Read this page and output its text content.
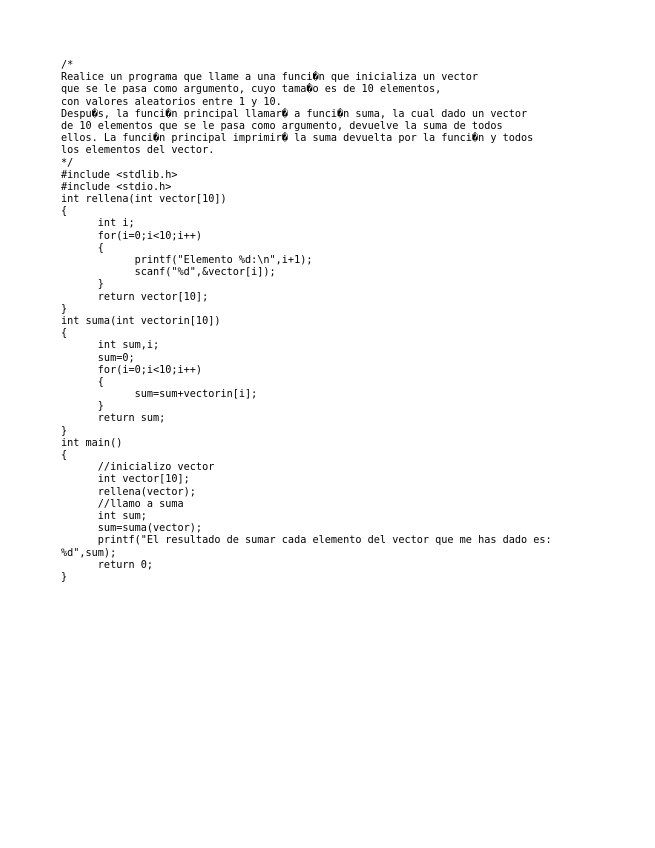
/*
Realice un programa que llame a una funci�n que inicializa un vector
que se le pasa como argumento, cuyo tama�o es de 10 elementos,
con valores aleatorios entre 1 y 10.
Despu�s, la funci�n principal llamar� a funci�n suma, la cual dado un vector
de 10 elementos que se le pasa como argumento, devuelve la suma de todos
ellos. La funci�n principal imprimir� la suma devuelta por la funci�n y todos
los elementos del vector.
*/
#include <stdlib.h>
#include <stdio.h>
int rellena(int vector[10])
{
int i;
for(i=0;i<10;i++)
{
printf("Elemento %d:\n",i+1);
scanf("%d",&vector[i]);
}
return vector[10];
}
int suma(int vectorin[10])
{
int sum,i;
sum=0;
for(i=0;i<10;i++)
{
sum=sum+vectorin[i];
}
return sum;
}
int main()
{
//inicializo vector
int vector[10];
rellena(vector);
//llamo a suma
int sum;
sum=suma(vector);
printf("El resultado de sumar cada elemento del vector que me has dado es:
%d",sum);
return 0;
}
